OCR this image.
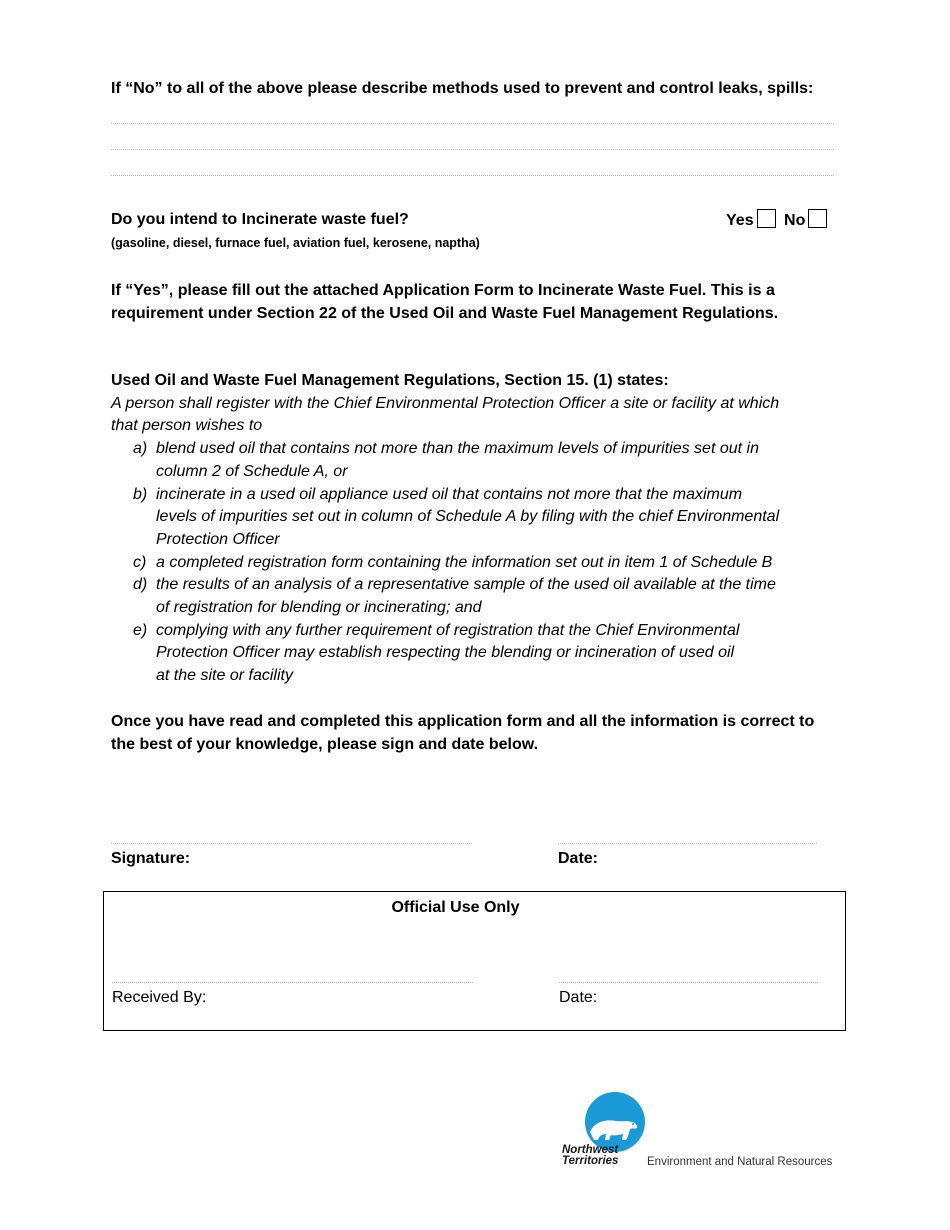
If “No” to all of the above please describe methods used to prevent and control leaks, spills:
Do you intend to Incinerate waste fuel?
(gasoline, diesel, furnace fuel, aviation fuel, kerosene, naptha)
Yes No
If “Yes”, please fill out the attached Application Form to Incinerate Waste Fuel. This is a
requirement under Section 22 of the Used Oil and Waste Fuel Management Regulations.
Used Oil and Waste Fuel Management Regulations, Section 15. (1) states:
A person shall register with the Chief Environmental Protection Officer a site or facility at which
that person wishes to
a) blend used oil that contains not more than the maximum levels of impurities set out in
column 2 of Schedule A, or
b) incinerate in a used oil appliance used oil that contains not more that the maximum
levels of impurities set out in column of Schedule A by filing with the chief Environmental
Protection Officer
c) a completed registration form containing the information set out in item 1 of Schedule B
d) the results of an analysis of a representative sample of the used oil available at the time
of registration for blending or incinerating; and
e) complying with any further requirement of registration that the Chief Environmental
Protection Officer may establish respecting the blending or incineration of used oil
at the site or facility
Once you have read and completed this application form and all the information is correct to
the best of your knowledge, please sign and date below.
Signature:	Date:
Official Use Only
Received By:	Date:
Northwest
Territories Environment and Natural Resources
